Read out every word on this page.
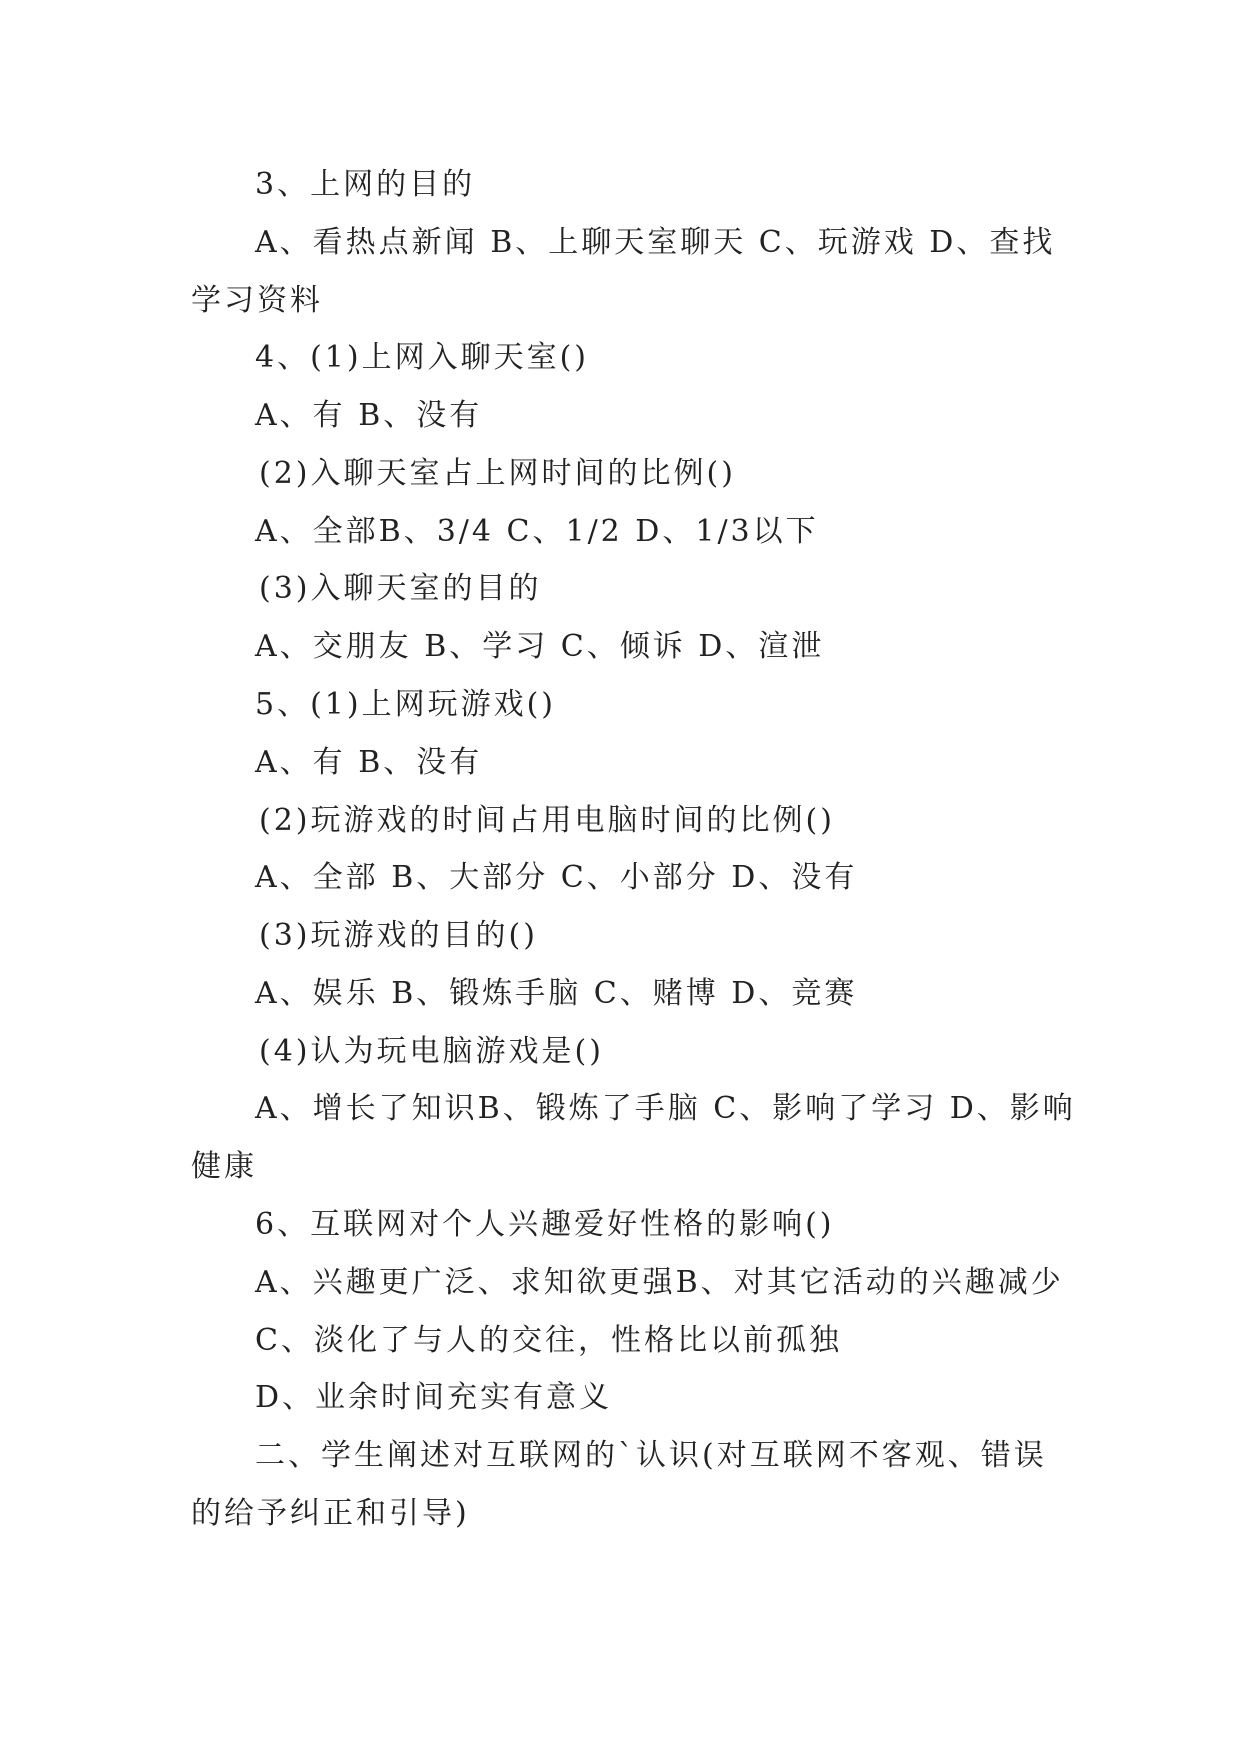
3、上网的目的
A、看热点新闻 B、上聊天室聊天 C、玩游戏 D、查找
学习资料
4、(1)上网入聊天室()
A、有 B、没有
(2)入聊天室占上网时间的比例()
A、全部B、3/4 C、1/2 D、1/3以下
(3)入聊天室的目的
A、交朋友 B、学习 C、倾诉 D、渲泄
5、(1)上网玩游戏()
A、有 B、没有
(2)玩游戏的时间占用电脑时间的比例()
A、全部 B、大部分 C、小部分 D、没有
(3)玩游戏的目的()
A、娱乐 B、锻炼手脑 C、赌博 D、竞赛
(4)认为玩电脑游戏是()
A、增长了知识B、锻炼了手脑 C、影响了学习 D、影响
健康
6、互联网对个人兴趣爱好性格的影响()
A、兴趣更广泛、求知欲更强B、对其它活动的兴趣减少
C、淡化了与人的交往，性格比以前孤独
D、业余时间充实有意义
二、学生阐述对互联网的`认识(对互联网不客观、错误
的给予纠正和引导)
